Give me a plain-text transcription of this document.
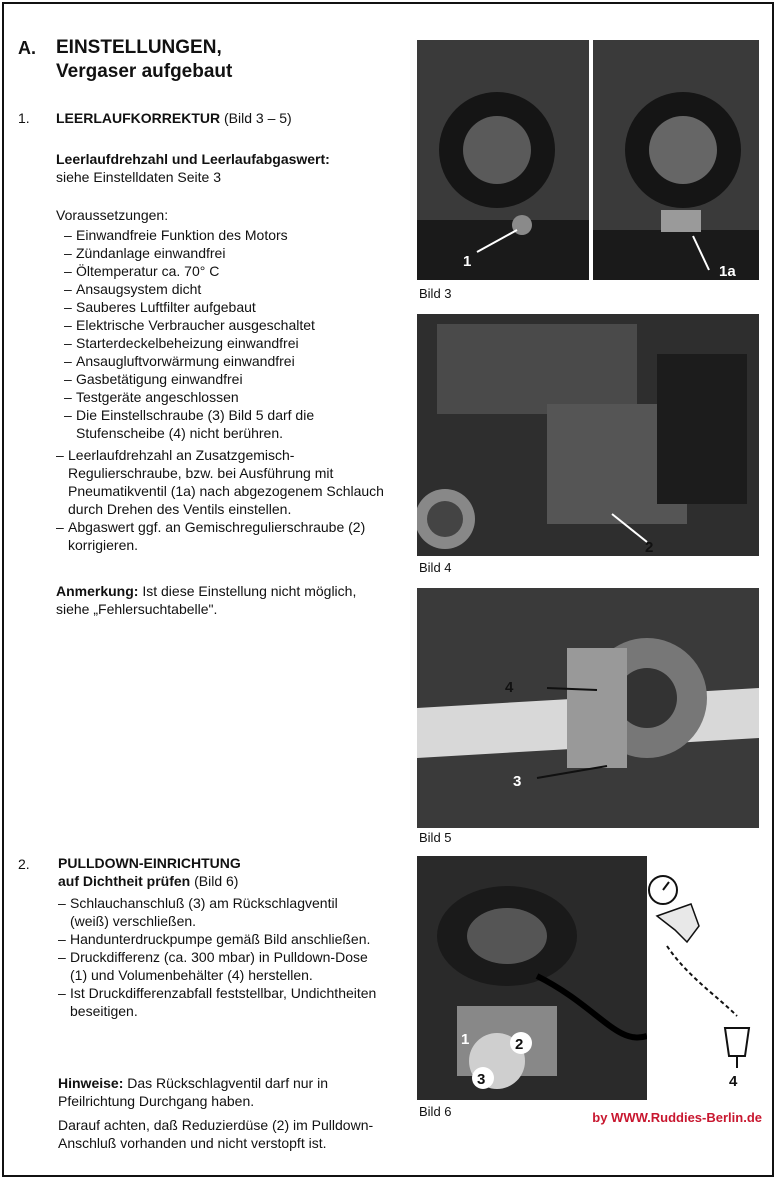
A. EINSTELLUNGEN,
Vergaser aufgebaut
1. LEERLAUFKORREKTUR (Bild 3 – 5)
Leerlaufdrehzahl und Leerlaufabgaswert:
siehe Einstelldaten Seite 3
Voraussetzungen:
– Einwandfreie Funktion des Motors
– Zündanlage einwandfrei
– Öltemperatur ca. 70° C
– Ansaugsystem dicht
– Sauberes Luftfilter aufgebaut
– Elektrische Verbraucher ausgeschaltet
– Starterdeckelbeheizung einwandfrei
– Ansaugluftvorwärmung einwandfrei
– Gasbetätigung einwandfrei
– Testgeräte angeschlossen
– Die Einstellschraube (3) Bild 5 darf die Stufenscheibe (4) nicht berühren.
– Leerlaufdrehzahl an Zusatzgemisch-Regulierschraube, bzw. bei Ausführung mit Pneumatikventil (1a) nach abgezogenem Schlauch durch Drehen des Ventils einstellen.
– Abgaswert ggf. an Gemischregulierschraube (2) korrigieren.
Anmerkung: Ist diese Einstellung nicht möglich, siehe „Fehlersuchtabelle".
2. PULLDOWN-EINRICHTUNG
auf Dichtheit prüfen (Bild 6)
– Schlauchanschluß (3) am Rückschlagventil (weiß) verschließen.
– Handunterdruckpumpe gemäß Bild anschließen.
– Druckdifferenz (ca. 300 mbar) in Pulldown-Dose (1) und Volumenbehälter (4) herstellen.
– Ist Druckdifferenzabfall feststellbar, Undichtheiten beseitigen.
Hinweise: Das Rückschlagventil darf nur in Pfeilrichtung Durchgang haben.
Darauf achten, daß Reduzierdüse (2) im Pulldown-Anschluß vorhanden und nicht verstopft ist.
1
1a
Bild 3
2
Bild 4
4
3
Bild 5
1	2
3	4
Bild 6	by WWW.Ruddies-Berlin.de
